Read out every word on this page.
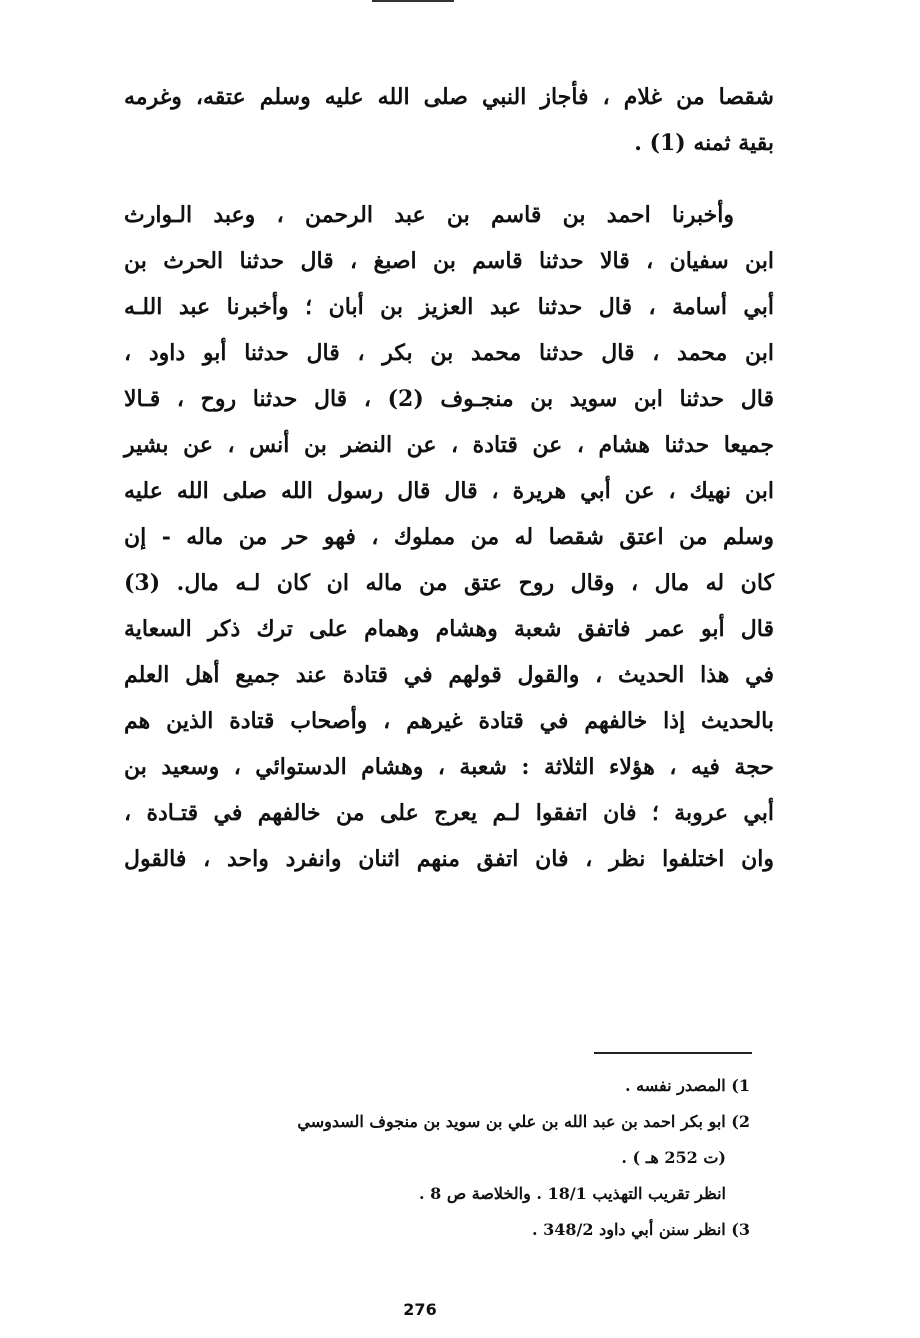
شقصا من غلام ، فأجاز النبي صلى الله عليه وسلم عتقه، وغرمه
بقية ثمنه (1) .
وأخبرنا احمد بن قاسم بن عبد الرحمن ، وعبد الـوارث
ابن سفيان ، قالا حدثنا قاسم بن اصبغ ، قال حدثنا الحرث بن
أبي أسامة ، قال حدثنا عبد العزيز بن أبان ؛ وأخبرنا عبد اللـه
ابن محمد ، قال حدثنا محمد بن بكر ، قال حدثنا أبو داود ،
قال حدثنا ابن سويد بن منجـوف (2) ، قال حدثنا روح ، قـالا
جميعا حدثنا هشام ، عن قتادة ، عن النضر بن أنس ، عن بشير
ابن نهيك ، عن أبي هريرة ، قال قال رسول الله صلى الله عليه
وسلم من اعتق شقصا له من مملوك ، فهو حر من ماله - إن
كان له مال ، وقال روح عتق من ماله ان كان لـه مال. (3)
قال أبو عمر فاتفق شعبة وهشام وهمام على ترك ذكر السعاية
في هذا الحديث ، والقول قولهم في قتادة عند جميع أهل العلم
بالحديث إذا خالفهم في قتادة غيرهم ، وأصحاب قتادة الذين هم
حجة فيه ، هؤلاء الثلاثة : شعبة ، وهشام الدستوائي ، وسعيد بن
أبي عروبة ؛ فان اتفقوا لـم يعرج على من خالفهم في قتـادة ،
وان اختلفوا نظر ، فان اتفق منهم اثنان وانفرد واحد ، فالقول
1) المصدر نفسه .
2) ابو بكر احمد بن عبد الله بن علي بن سويد بن منجوف السدوسي
(ت 252 هـ ) .
انظر تقريب التهذيب 18/1 . والخلاصة ص 8 .
3) انظر سنن أبي داود 348/2 .
276
